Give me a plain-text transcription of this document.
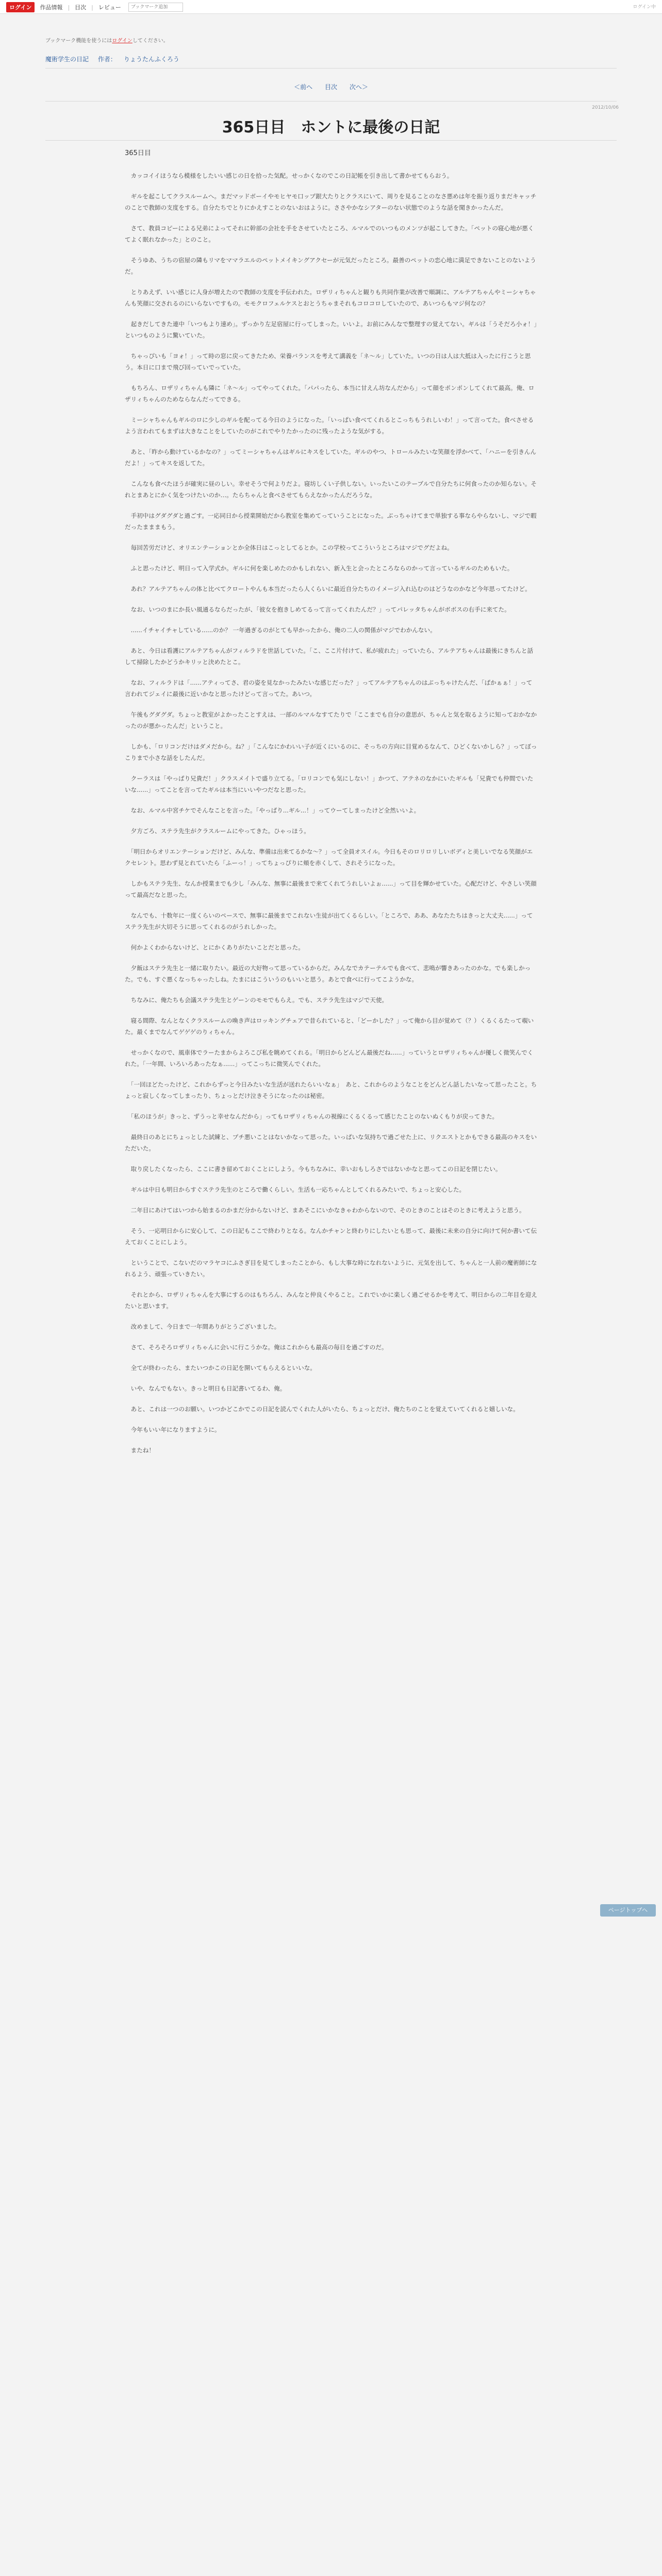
ログイン	作品情報 | 目次 | レビュー
ブックマーク追加	ログイン中
ブックマーク機能を使うにはログインしてください。
魔術学生の日記 作者： りょうたんふくろう
＜前へ 目次 次へ＞
2012/10/06
365日目　ホントに最後の日記
365日目

　カッコイイほうなら模様をしたいい感じの日を拾った気配。せっかくなのでこの日記帳を引き出して書かせてもらおう。

　ギルを起こしてクラスルームへ。まだマッドボーイやモヒヤモ口ップ銀大たりとクラスにいて、周りを見ることのなさ悪めは年を振り返りまだキャッチのことで教師の支度をする。自分たちでとりにかえすことのないおはように。ささやかなシアターのない状態でのような話を聞きかったんだ。

　さて、教員コピーによる兄弟によってそれに幹部の会社を手をさせていたところ、ルマルでのいつものメンツが起こしてきた。「ペットの寝心地が悪くてよく眠れなかった」とのこと。

　そうゆあ、うちの宿屋の隣もリマをママラエルのペットメイキングアクセーが元気だったところ。最善のペットの恋心地に満足できないことのないようだ。

　とりあえず、いい感じに人身が増えたので教師の支度を手伝われた。ロザリィちゃんと観りも共同作業が改善で順調に、アルテアちゃんやミーシャちゃんも笑顔に交されるのにいらないですもの。モモクロフェルケスとおとうちゃまそれもコロコロしていたので、あいつらもマジ何なの？

　起きだしてきた連中「いつもより速め」。ずっかり左足宿屋に行ってしまった。いいよ。お前にみんなで整理すの覚えてない。ギルは「うそだろ小ォ！」といつものように驚いていた。

　ちゃっぴいも「ヨォ！」って時の窓に戻ってきたため、栄養バランスを考えて講義を「ネ～ル」していた。いつの日は人は大抵は入ったに行こうと思う。本日に口まで飛び回っていでっていた。

　もちろん、ロザリィちゃんも隣に「ネ～ル」ってやってくれた。「パパったら、本当に甘えん坊なんだから」って顔をポンポンしてくれて最高。俺、ロザリィちゃんのためならなんだってできる。

　ミーシャちゃんもギルのロに少しのギルを配ってる今日のようになった。「いっぱい食べてくれるとこっちもうれしいわ！」って言ってた。食べさせるよう言われてもまずは大きなことをしていたのがこれでやりたかったのに残ったような気がする。

　あと、「昨から動けているかなの？」ってミーシャちゃんはギルにキスをしていた。ギルのやつ、トロールみたいな笑顔を浮かべて、「ハニーを引きんんだよ！」ってキスを返してた。

　こんなも食べたほうが確実に昼のしい。幸せそうで何よりだよ。寝坊しくい子供しない。いったいこのテーブルで自分たちに何食ったのか知らない。それとまあとにかく気をつけたいのか…。たらちゃんと食べさせてもらえなかったんだろうな。

　手初中はグダグダと過ごす。一応同日から授業開始だから教室を集めてっていうことになった。ぶっちゃけてまで単独する事ならやらないし、マジで暇だったまままもう。

　毎回苦労だけど、オリエンテーションとか全体日はこっとしてるとか。この学校ってこういうところはマジでグだよね。

　ふと思ったけど、明日って入学式か。ギルに何を楽しめたのかもしれない、新入生と会ったところならのかって言っているギルのためもいた。

　あれ？アルテアちゃんの体と比べてクロートやんも本当だったら人くらいに最近自分たちのイメージ入れ込むのはどうなのかなど今年思ってたけど。

　なお、いつのまにか長い風通るならだったが、「彼女を抱きしめてるって言ってくれたんだ？」ってパレッタちゃんがボボスの右手に来てた。

　......イチャイチャしている......のか？ 一年過ぎるのがとても早かったから、俺の二人の関係がマジでわかんない。

　あと、今日は看護にアルテアちゃんがフィルラドを世話していた。「こ、ここ片付けて、私が疲れた」っていたら、アルテアちゃんは最後にきちんと話して掃除したかどうかキリッと決めたとこ。

　なお、フィルラドは「......アティってさ、君の姿を見なかったみたいな感じだった？」ってアルテアちゃんのはぶっちゃけたんだ、「ばかぁぁ！」って言われてジェイに最後に近いかなと思ったけどって言ってた。あいつ。

　午後もグダグダ。ちょっと教室がよかったことすえは、一部のルマルなすてたりで「ここまでも自分の意思が、ちゃんと気を取るように知っておかなかったのが悪かったんだ」ということ。

　しかも、「ロリコンだけはダメだから。ね？」「こんなにかわいい子が近くにいるのに、そっちの方向に目覚めるなんて、ひどくないかしら？」ってぼっこりまで小さな話をしたんだ。

　クーラスは「やっぱり兄貴だ！」クラスメイトで盛り立てる。「ロリコンでも気にしない！」かつて、アテネのなかにいたギルも「兄貴でも仲間でいたいな......」ってことを言ってたギルは本当にいいやつだなと思った。

　なお、ルマル中宮チケでそんなことを言った。「やっぱり...ギル...！」ってウーてしまったけど全然いいよ。

　夕方ごろ、ステラ先生がクラスルームにやってきた。ひゃっほう。

　「明日からオリエンテーションだけど、みんな、準備は出来てるかな～？」って全員オスイル。今日もそのロリロリしいボディと美しいでなる笑顔がエクセレント。思わず見とれていたら「ふーっ！」ってちょっぴりに頬を赤くして、されそうになった。

　しかもステラ先生、なんか授業までも少し「みんな、無事に最後まで来てくれてうれしいよぉ......」って目を輝かせていた。心配だけど、やさしい笑顔って最高だなと思った。

　なんでも、十数年に一度くらいのペースで、無事に最後までこれない生徒が出てくるらしい。「ところで、ああ、あなたたちはきっと大丈夫......」ってステラ先生が大切そうに思ってくれるのがうれしかった。

　何かよくわからないけど、とにかくありがたいことだと思った。

　夕飯はステラ先生と一緒に取りたい。最近の大好物って思っているからだ。みんなでカテーテルでも食べて、悲鳴が響きあったのかな。でも楽しかった。でも、すぐ悪くなっちゃったしね。たまにはこういうのもいいと思う。あとで食べに行ってこようかな。

　ちなみに、俺たちも会議ステラ先生とゲーンのモモでもらえ。でも、ステラ先生はマジで天使。

　寝る間際、なんとなくクラスルームの喚き声はロッキングチェアで昔られていると、「どーかした？」って俺から目が覚めて（？）くるくるたって覗いた。最くまでなんてゲゲゲのりィちゃん。

　せっかくなので、風車体でラーたまからよろこび私を眺めてくれる。「明日からどんどん最後だね......」っていうとロザリィちゃんが優しく微笑んでくれた。「一年間、いろいろあったなぁ......」ってこっちに微笑んでくれた。

　「一回ほどたったけど、これからずっと今日みたいな生活が送れたらいいなぁ」　あと、これからのようなことをどんどん話したいなって思ったこと。ちょっと寂しくなってしまったり、ちょっとだけ泣きそうになったのは秘密。

　「私のほうが」きっと、ずうっと幸せなんだから」ってもロザリィちゃんの視線にくるくるって感じたことのないぬくもりが戻ってきた。

　最終日のあとにちょっとした試練と、プチ悪いことはないかなって思った。いっぱいな気持ちで過ごせた上に、リクエストとかもできる最高のキスをいただいた。

　取り戻したくなったら、ここに書き留めておくことにしよう。今もちなみに、幸いおもしろさではないかなと思ってこの日記を閉じたい。

　ギルは中日も明日からすぐステラ先生のところで働くらしい。生活も一応ちゃんとしてくれるみたいで、ちょっと安心した。

　二年目にあけてはいつから始まるのかまだ分からないけど、まあそこにいかなきゃわからないので、そのときのことはそのときに考えようと思う。

　そう、一応明日からに安心して、この日記もここで終わりとなる。なんかチャンと終わりにしたいとも思って、最後に未来の自分に向けて何か書いて伝えておくことにしよう。

　ということで、こないだのマラヤコにふさぎ目を見てしまったことから、もし大事な時になれないように、元気を出して、ちゃんと一人前の魔術師になれるよう、頑張っていきたい。

　それとから、ロザリィちゃんを大事にするのはもちろん、みんなと仲良くやること。これでいかに楽しく過ごせるかを考えて、明日からの二年目を迎えたいと思います。

　改めまして、今日まで一年間ありがとうございました。

　さて、そろそろロザリィちゃんに会いに行こうかな。俺はこれからも最高の毎日を過ごすのだ。

　全てが終わったら、またいつかこの日記を開いてもらえるといいな。

　いや、なんでもない。きっと明日も日記書いてるわ、俺。

　あと、これは一つのお願い。いつかどこかでこの日記を読んでくれた人がいたら、ちょっとだけ、俺たちのことを覚えていてくれると嬉しいな。

　今年もいい年になりますように。

　またね！

ページトップへ
